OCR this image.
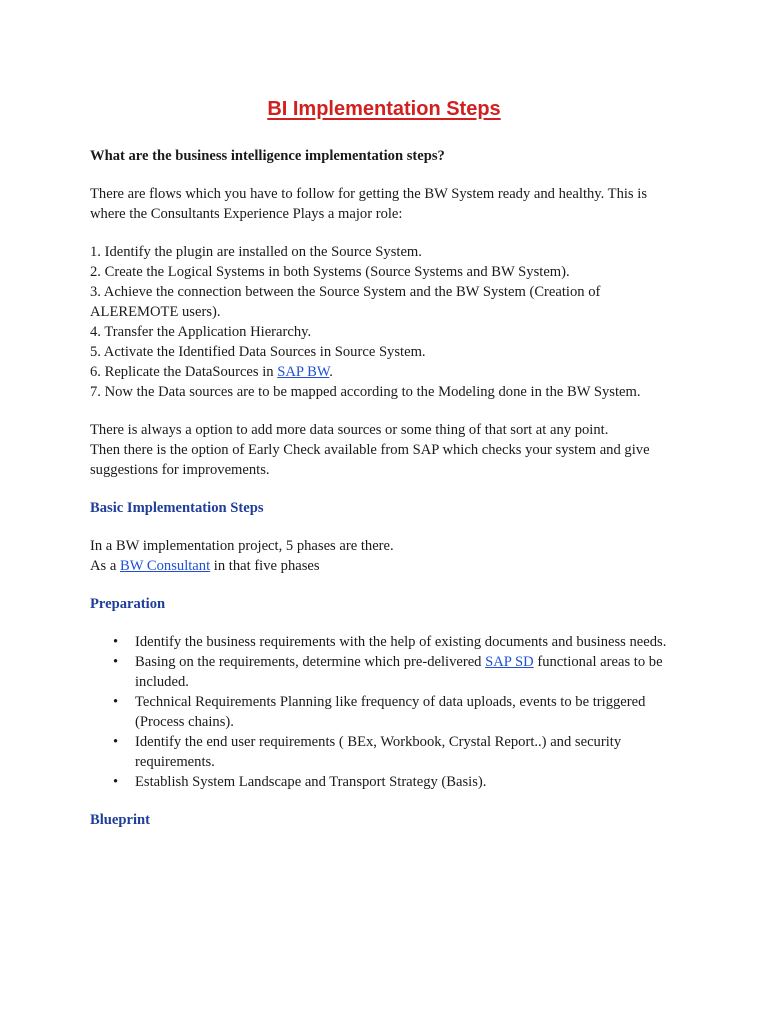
BI Implementation Steps

What are the business intelligence implementation steps?

There are flows which you have to follow for getting the BW System ready and healthy. This is where the Consultants Experience Plays a major role:

1. Identify the plugin are installed on the Source System.

2. Create the Logical Systems in both Systems (Source Systems and BW System).

3. Achieve the connection between the Source System and the BW System (Creation of ALEREMOTE users).

4. Transfer the Application Hierarchy.

5. Activate the Identified Data Sources in Source System.

6. Replicate the DataSources in SAP BW.

7. Now the Data sources are to be mapped according to the Modeling done in the BW System.

There is always a option to add more data sources or some thing of that sort at any point.

Then there is the option of Early Check available from SAP which checks your system and give suggestions for improvements.

Basic Implementation Steps

In a BW implementation project, 5 phases are there.

As a BW Consultant in that five phases

Preparation

• Identify the business requirements with the help of existing documents and business needs.
• Basing on the requirements, determine which pre-delivered SAP SD functional areas to be included.
• Technical Requirements Planning like frequency of data uploads, events to be triggered (Process chains).
• Identify the end user requirements ( BEx, Workbook, Crystal Report..) and security requirements.
• Establish System Landscape and Transport Strategy (Basis).

Blueprint
